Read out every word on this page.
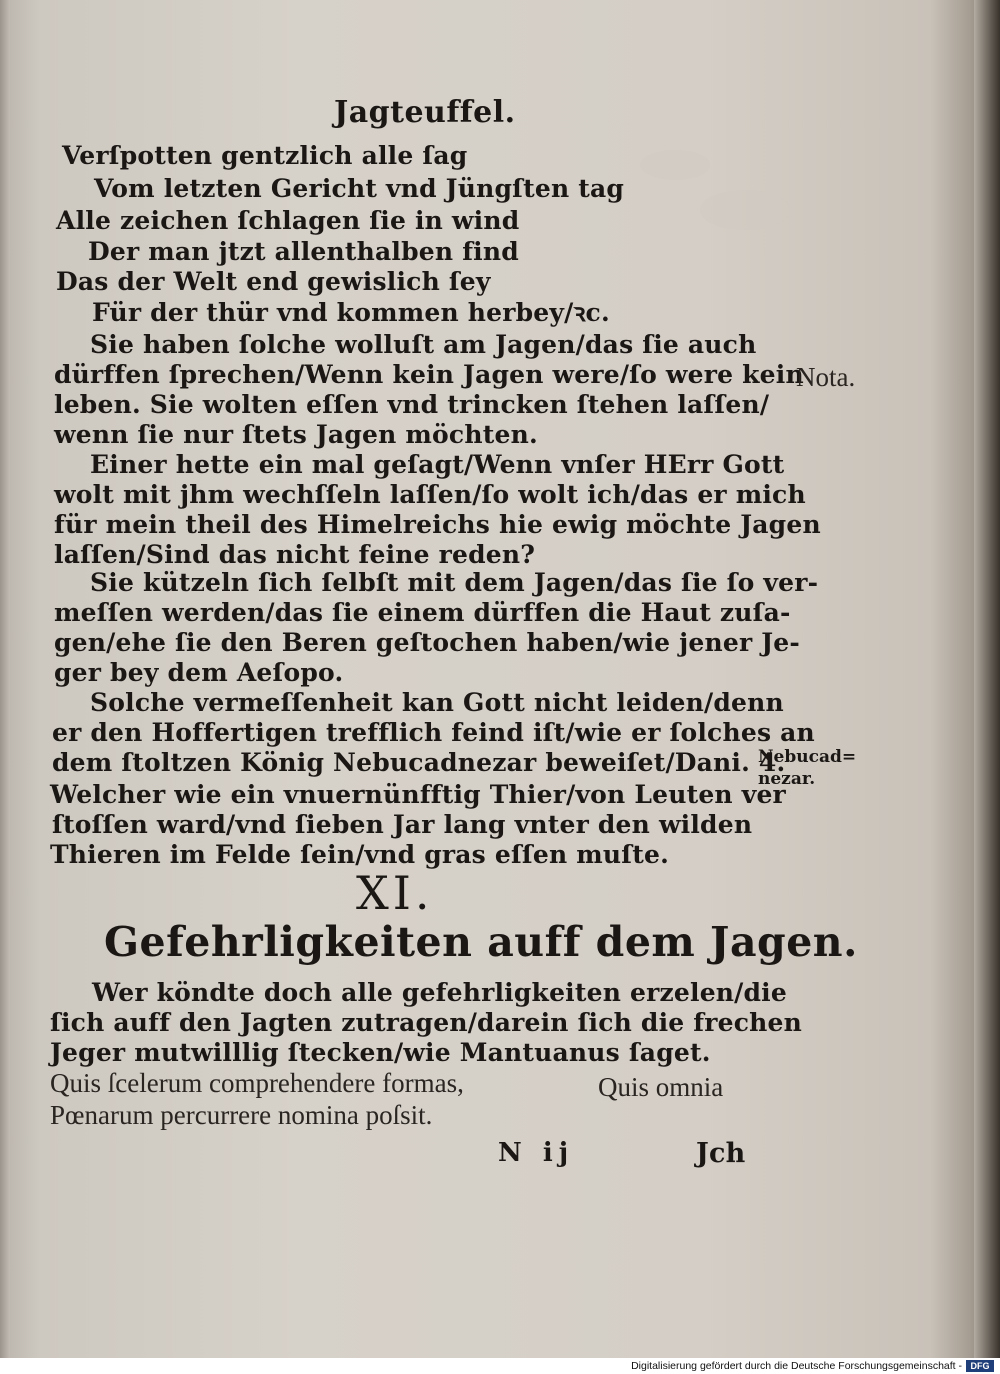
Jagteuffel.
Verſpotten gentzlich alle ſag
Vom letzten Gericht vnd Jüngſten tag
Alle zeichen ſchlagen ſie in wind
Der man jtzt allenthalben find
Das der Welt end gewislich ſey
Für der thür vnd kommen herbey/ꝛc.
Sie haben ſolche wolluſt am Jagen/das ſie auch
dürffen ſprechen/Wenn kein Jagen were/ſo were kein
leben. Sie wolten eſſen vnd trincken ſtehen laſſen/
wenn ſie nur ſtets Jagen möchten.
Einer hette ein mal geſagt/Wenn vnſer HErr Gott
wolt mit jhm wechſſeln laſſen/ſo wolt ich/das er mich
für mein theil des Himelreichs hie ewig möchte Jagen
laſſen/Sind das nicht feine reden?
Sie kützeln ſich ſelbſt mit dem Jagen/das ſie ſo ver-
meſſen werden/das ſie einem dürffen die Haut zuſa-
gen/ehe ſie den Beren geſtochen haben/wie jener Je-
ger bey dem Aeſopo.
Solche vermeſſenheit kan Gott nicht leiden/denn
er den Hoffertigen trefflich feind iſt/wie er ſolches an
dem ſtoltzen König Nebucadnezar beweiſet/Dani. 4.
Welcher wie ein vnuernünfftig Thier/von Leuten ver
ſtoſſen ward/vnd ſieben Jar lang vnter den wilden
Thieren im Felde ſein/vnd gras eſſen muſte.
XI.
Gefehrligkeiten auff dem Jagen.
Wer köndte doch alle gefehrligkeiten erzelen/die
ſich auff den Jagten zutragen/darein ſich die frechen
Jeger mutwilllig ſtecken/wie Mantuanus ſaget.
Quis ſcelerum comprehendere formas,	Quis omnia
Pœnarum percurrere nomina poſsit.
N ij	Jch
Nota.
Nebucad=
nezar.
Digitalisierung gefördert durch die Deutsche Forschungsgemeinschaft - DFG
